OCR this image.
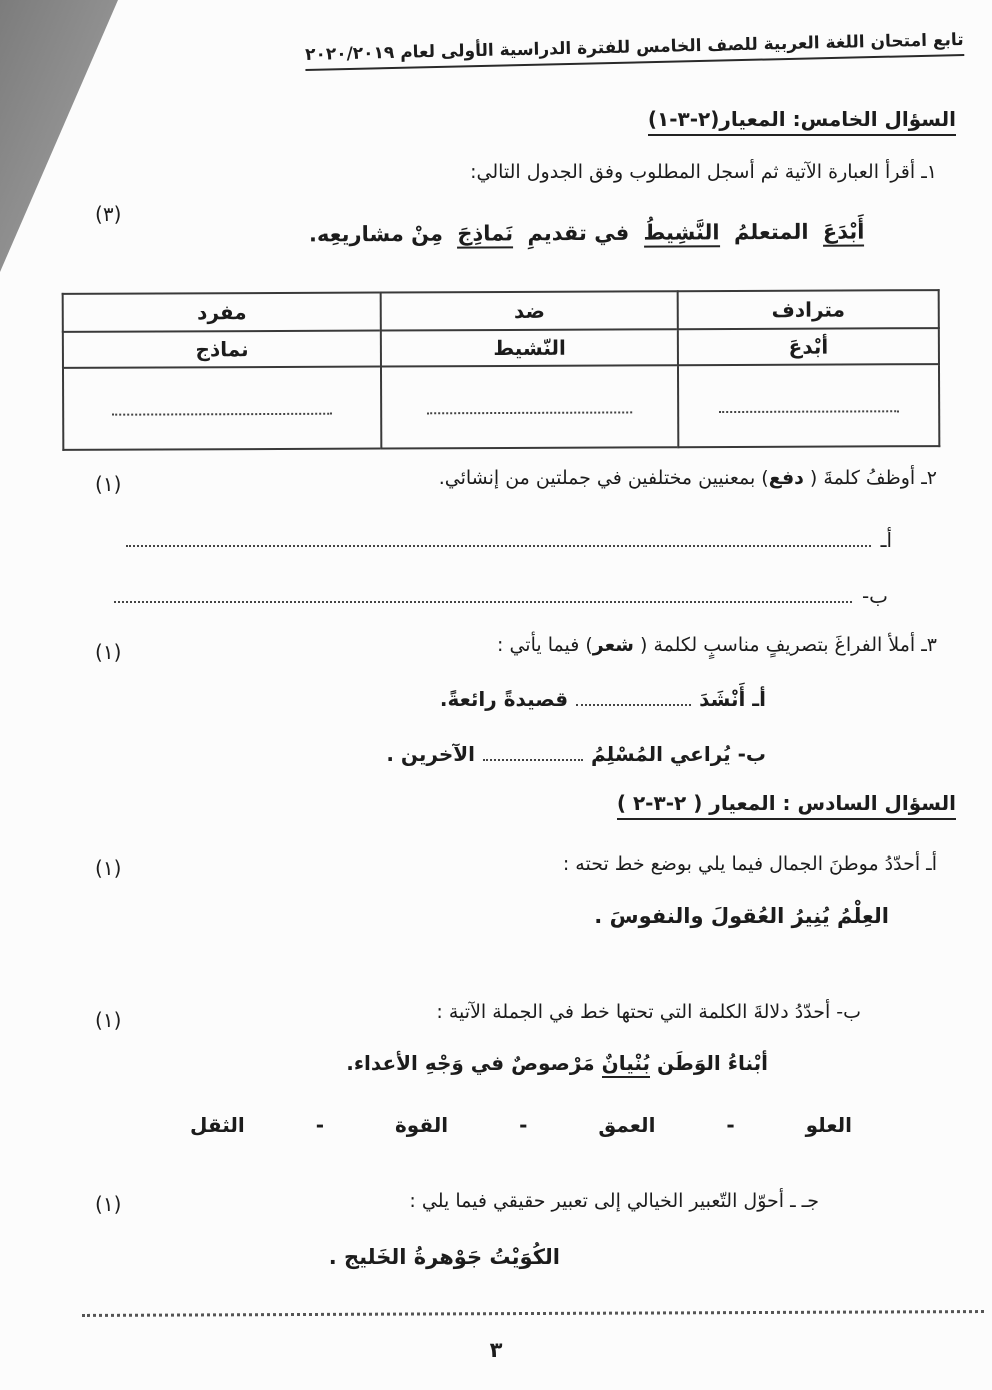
تابع امتحان اللغة العربية للصف الخامس للفترة الدراسية الأولى لعام ٢٠٢٠/٢٠١٩
السؤال الخامس: المعيار(٢-٣-١)
١ـ أقرأ العبارة الآتية ثم أسجل المطلوب وفق الجدول التالي:
(٣)
أَبْدَعَ المتعلمُ النَّشِيطُ في تقديمِ نَماذِجَ مِنْ مشاريعِه.
مترادف	ضد	مفرد
أبْدعَ	النّشيط	نماذج

٢ـ أوظفُ كلمةَ ( دفع) بمعنيين مختلفين في جملتين من إنشائي.
(١)
أـ
ب-
٣ـ أملأ الفراغَ بتصريفٍ مناسبٍ لكلمة ( شعر) فيما يأتي :
(١)
أـ أَنْشَدَقصيدةً رائعةً.
ب- يُراعي المُسْلِمُالآخرين .
السؤال السادس : المعيار ( ٢-٣-٢ )
أـ أحدّدُ موطنَ الجمال فيما يلي بوضع خط تحته :
(١)
العِلْمُ يُنِيرُ العُقولَ والنفوسَ .
ب- أحدّدُ دلالةَ الكلمة التي تحتها خط في الجملة الآتية :
(١)
أبْناءُ الوَطَن بُنْيانٌ مَرْصوصٌ في وَجْهِ الأعداء.
العلو
-
العمق
-
القوة
-
الثقل
جـ ـ أحوّل التّعبير الخيالي إلى تعبير حقيقي فيما يلي :
(١)
الكُوَيْتُ جَوْهرةُ الخَليج .
٣
